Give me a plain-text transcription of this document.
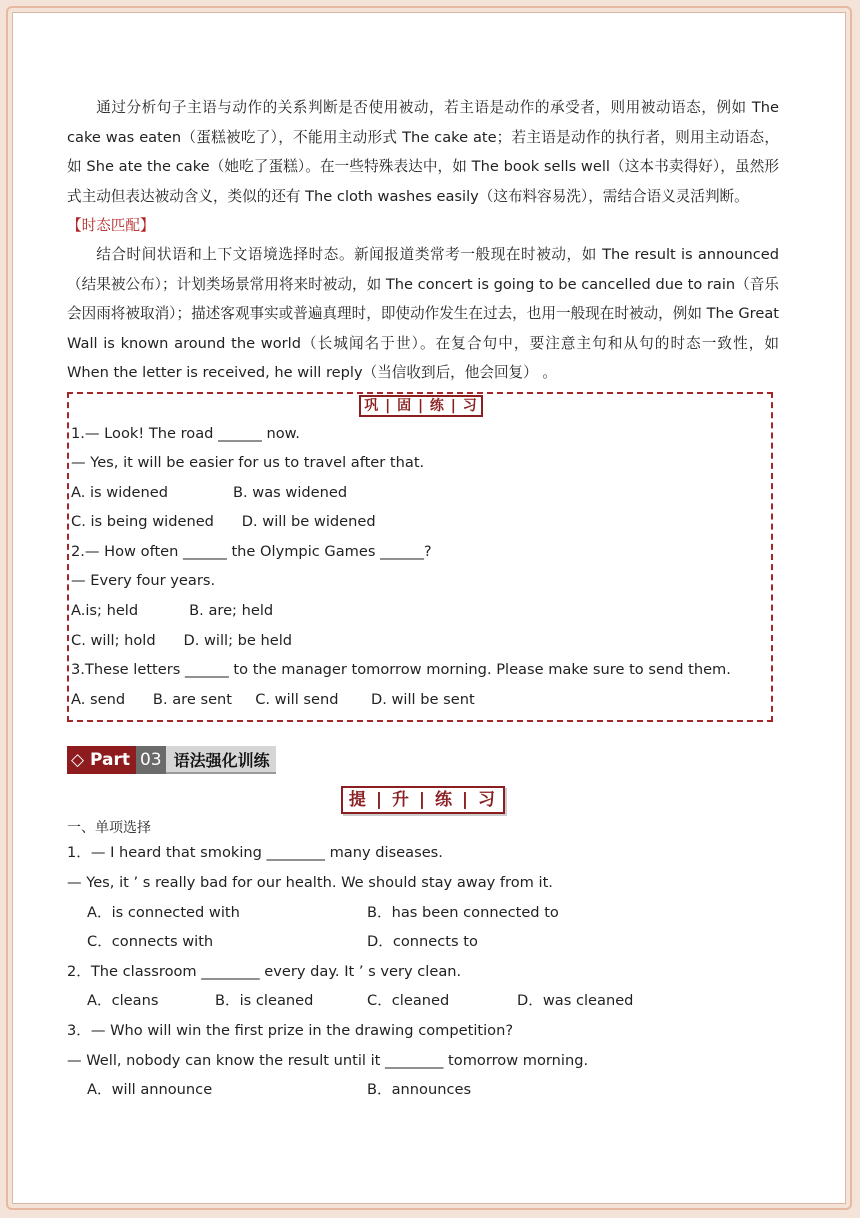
通过分析句子主语与动作的关系判断是否使用被动，若主语是动作的承受者，则用被动语态，例如 The cake was eaten（蛋糕被吃了），不能用主动形式 The cake ate；若主语是动作的执行者，则用主动语态，如 She ate the cake（她吃了蛋糕）。在一些特殊表达中，如 The book sells well（这本书卖得好），虽然形式主动但表达被动含义，类似的还有 The cloth washes easily（这布料容易洗），需结合语义灵活判断。

【时态匹配】

结合时间状语和上下文语境选择时态。新闻报道类常考一般现在时被动，如 The result is announced（结果被公布）；计划类场景常用将来时被动，如 The concert is going to be cancelled due to rain（音乐会因雨将被取消）；描述客观事实或普遍真理时，即使动作发生在过去，也用一般现在时被动，例如 The Great Wall is known around the world（长城闻名于世）。在复合句中，要注意主句和从句的时态一致性，如 When the letter is received, he will reply（当信收到后，他会回复） 。

巩 | 固 | 练 | 习

1.— Look! The road ______ now.

— Yes, it will be easier for us to travel after that.

A. is widened              B. was widened

C. is being widened      D. will be widened

2.— How often ______ the Olympic Games ______?

— Every four years.

A.is; held           B. are; held

C. will; hold      D. will; be held

3.These letters ______ to the manager tomorrow morning. Please make sure to send them.

A. send      B. are sent     C. will send       D. will be sent

◇ Part 03 语法强化训练
提 | 升 | 练 | 习

一、单项选择

1．— I heard that smoking ________ many diseases.

— Yes, it ’ s really bad for our health. We should stay away from it.

A．is connected with	B．has been connected to
C．connects with	D．connects to

2．The classroom ________ every day. It ’ s very clean.

A．cleans	B．is cleaned	C．cleaned	D．was cleaned

3．— Who will win the first prize in the drawing competition?

— Well, nobody can know the result until it ________ tomorrow morning.

A．will announce	B．announces
